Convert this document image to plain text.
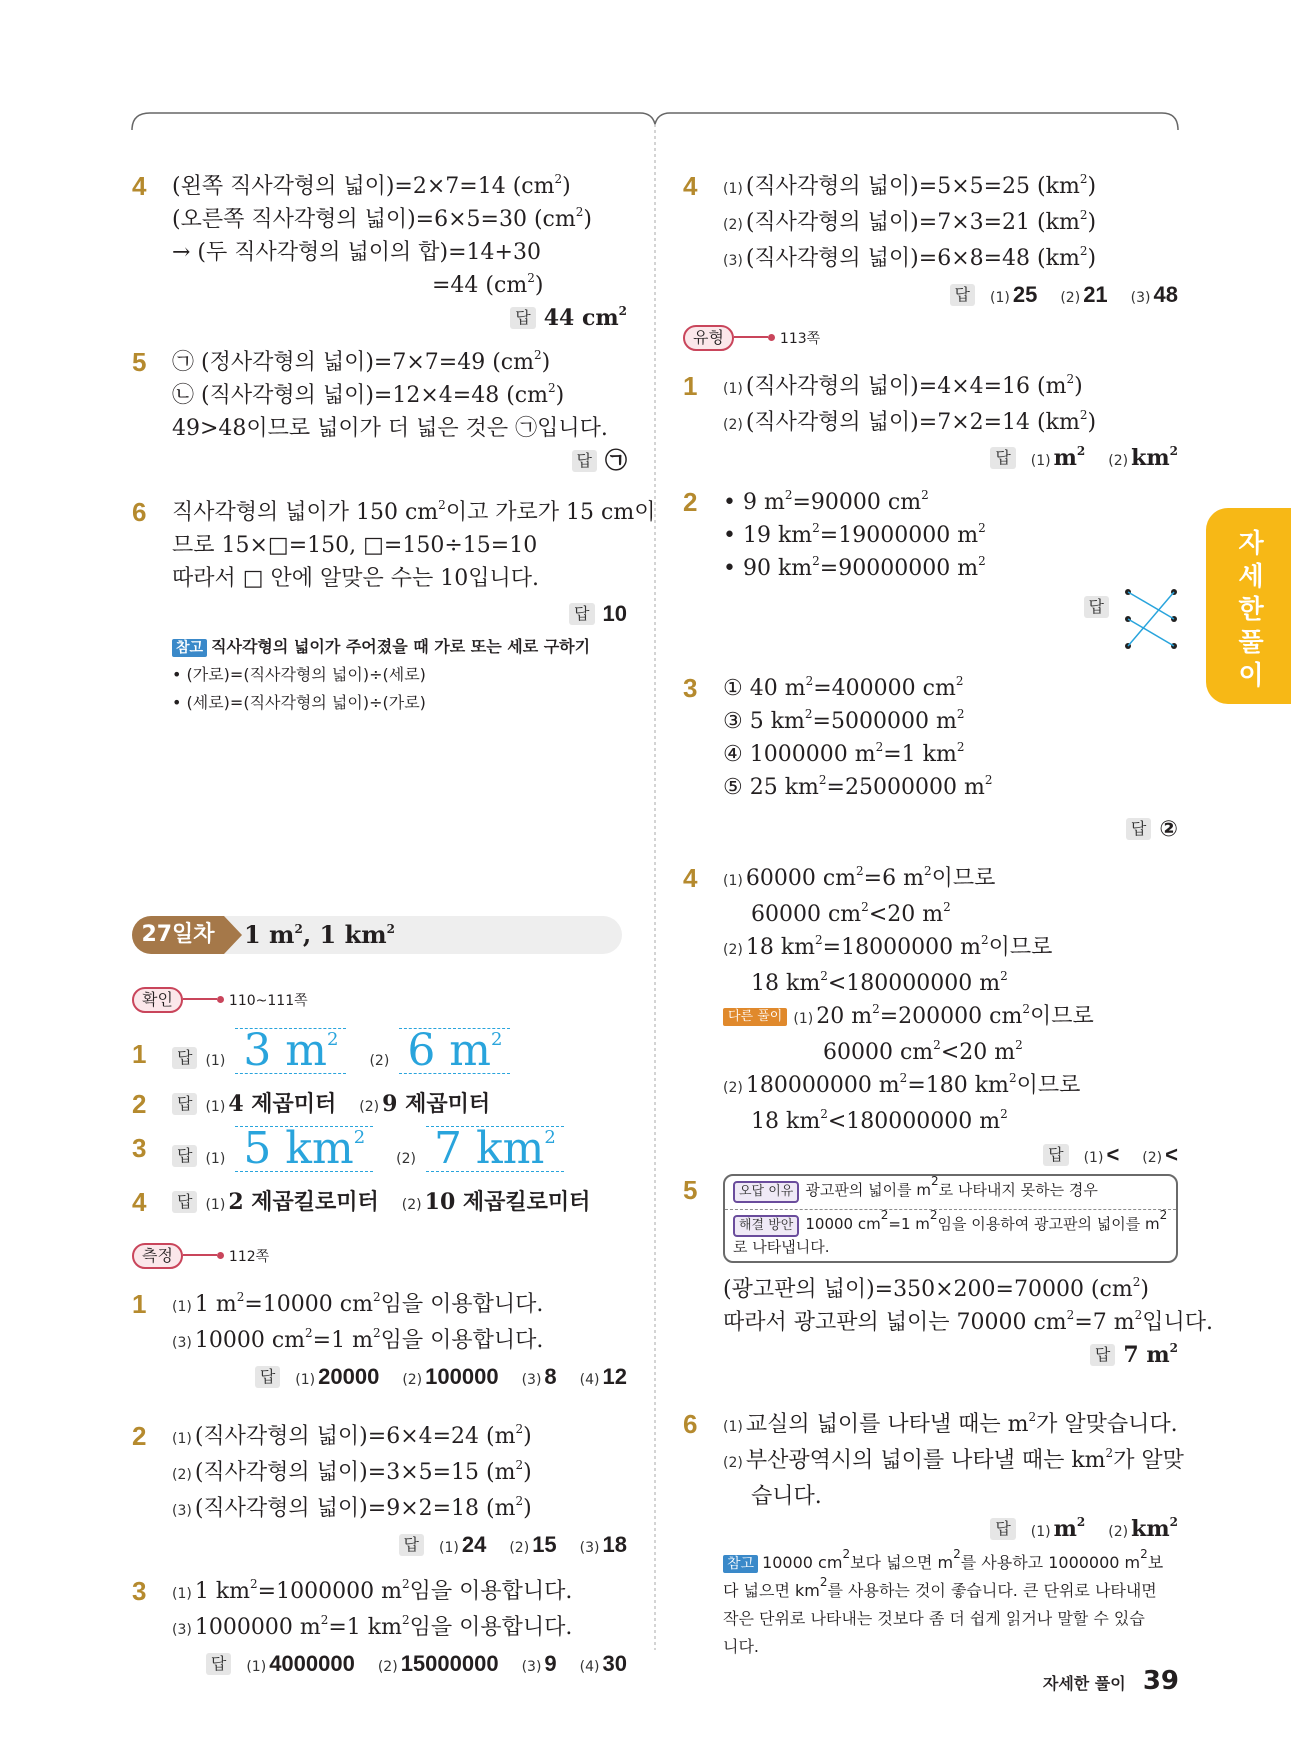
자
세
한
풀
이
4 (왼쪽 직사각형의 넓이)=2×7=14 $(cm^2)$
(오른쪽 직사각형의 넓이)=6×5=30 $(cm^2)$
→ (두 직사각형의 넓이의 합)=14+30
=44 $(cm^2)$
답 44 $cm^2$
5 ㉠ (정사각형의 넓이)=7×7=49 $(cm^2)$
㉡ (직사각형의 넓이)=12×4=48 $(cm^2)$
49>48이므로 넓이가 더 넓은 것은 ㉠입니다.
답 ㉠
6 직사각형의 넓이가 150 $cm^2$이고 가로가 15 cm이
므로 15×□=150, □=150÷15=10
따라서 □ 안에 알맞은 수는 10입니다.
답 10
참고 직사각형의 넓이가 주어졌을 때 가로 또는 세로 구하기
• (가로)=(직사각형의 넓이)÷(세로)
• (세로)=(직사각형의 넓이)÷(가로)
27일차	1 $m^2$, 1 $km^2$
확인	110~111쪽
1 답 (1) 3 $m^2$ (2) 6 $m^2$
2 답 (1) 4 제곱미터 (2) 9 제곱미터
3 답 (1) 5 $km^2$ (2) 7 $km^2$
4 답 (1) 2 제곱킬로미터 (2) 10 제곱킬로미터
측정	112쪽
1 (1) 1 $m^2=10000$ $cm^2$임을 이용합니다.
(3) 10000 $cm^2=1$ $m^2$임을 이용합니다.
답 (1) 20000 (2) 100000 (3) 8 (4) 12
2 (1) (직사각형의 넓이)=6×4=24 $(m^2)$
(2) (직사각형의 넓이)=3×5=15 $(m^2)$
(3) (직사각형의 넓이)=9×2=18 $(m^2)$
답 (1) 24 (2) 15 (3) 18
3 (1) 1 $km^2=1000000$ $m^2$임을 이용합니다.
(3) 1000000 $m^2=1$ $km^2$임을 이용합니다.
답 (1) 4000000 (2) 15000000 (3) 9 (4) 30
4 (1) (직사각형의 넓이)=5×5=25 $(km^2)$
(2) (직사각형의 넓이)=7×3=21 $(km^2)$
(3) (직사각형의 넓이)=6×8=48 $(km^2)$
답 (1) 25 (2) 21 (3) 48
유형	113쪽
1 (1) (직사각형의 넓이)=4×4=16 $(m^2)$
(2) (직사각형의 넓이)=7×2=14 $(km^2)$
답 (1) $m^2$ (2) $km^2$
2 • 9 $m^2=90000$ $cm^2$
• 19 $km^2=19000000$ $m^2$
• 90 $km^2=90000000$ $m^2$
답
3 ① 40 $m^2=400000$ $cm^2$
③ 5 $km^2=5000000$ $m^2$
④ 1000000 $m^2=1$ $km^2$
⑤ 25 $km^2=25000000$ $m^2$
답 ②
4 (1) 60000 $cm^2=6$ $m^2$이므로
60000 $cm^2<20$ $m^2$
(2) 18 $km^2=18000000$ $m^2$이므로
18 $km^2<180000000$ $m^2$
다른 풀이 (1) 20 $m^2=200000$ $cm^2$이므로
60000 $cm^2<20$ $m^2$
(2) 180000000 $m^2=180$ $km^2$이므로
18 $km^2<180000000$ $m^2$
답 (1) < (2) <
5	오답 이유 광고판의 넓이를 $m^2$로 나타내지 못하는 경우
해결 방안 10000 $cm^2=1$ $m^2$임을 이용하여 광고판의 넓이를 $m^2$
로 나타냅니다.
(광고판의 넓이)=350×200=70000 $(cm^2)$
따라서 광고판의 넓이는 70000 $cm^2=7$ $m^2$입니다.
답 7 $m^2$
6 (1) 교실의 넓이를 나타낼 때는 $m^2$가 알맞습니다.
(2) 부산광역시의 넓이를 나타낼 때는 $km^2$가 알맞
습니다.
답 (1) $m^2$ (2) $km^2$
참고 10000 $cm^2$보다 넓으면 $m^2$를 사용하고 1000000 $m^2$보
다 넓으면 $km^2$를 사용하는 것이 좋습니다. 큰 단위로 나타내면
작은 단위로 나타내는 것보다 좀 더 쉽게 읽거나 말할 수 있습
니다.
자세한 풀이 39
